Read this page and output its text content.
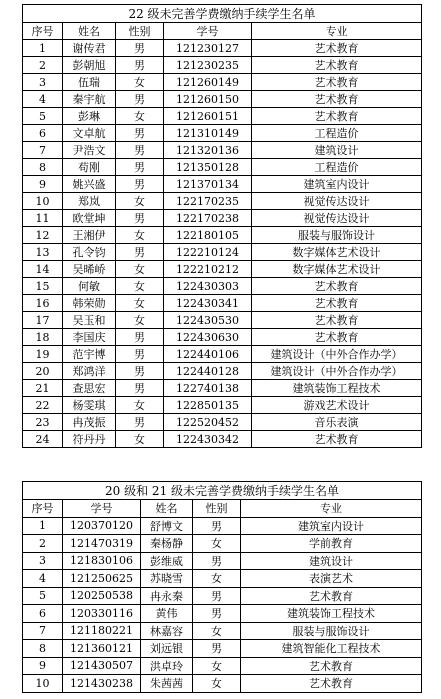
22 级未完善学费缴纳手续学生名单				
序号	姓名	性别	学号	专业
1	谢传君	男	121230127	艺术教育
2	彭朝旭	男	121230235	艺术教育
3	伍瑞	女	121260149	艺术教育
4	秦宇航	男	121260150	艺术教育
5	彭琳	女	121260151	艺术教育
6	文卓航	男	121310149	工程造价
7	尹浩文	男	121320136	建筑设计
8	苟刚	男	121350128	工程造价
9	姚兴盛	男	121370134	建筑室内设计
10	郑岚	女	122170235	视觉传达设计
11	欧堂坤	男	122170238	视觉传达设计
12	王湘伊	女	122180105	服装与服饰设计
13	孔令钧	男	122210124	数字媒体艺术设计
14	吴晞峤	女	122210212	数字媒体艺术设计
15	何敏	女	122430303	艺术教育
16	韩荣勋	女	122430341	艺术教育
17	吴玉和	女	122430530	艺术教育
18	李国庆	男	122430630	艺术教育
19	范宇博	男	122440106	建筑设计（中外合作办学）
20	郑鸿洋	男	122440128	建筑设计（中外合作办学）
21	查思宏	男	122740138	建筑装饰工程技术
22	杨雯琪	女	122850135	游戏艺术设计
23	冉茂振	男	122520452	音乐表演
24	符丹丹	女	122430342	艺术教育
20 级和 21 级未完善学费缴纳手续学生名单				
序号	学号	姓名	性别	专业
1	120370120	舒博文	男	建筑室内设计
2	121470319	秦杨静	女	学前教育
3	121830106	彭维威	男	建筑设计
4	121250625	苏晓雪	女	表演艺术
5	120250538	冉永秦	男	艺术教育
6	120330116	黄伟	男	建筑装饰工程技术
7	121180221	林嘉容	女	服装与服饰设计
8	121360121	刘远银	男	建筑智能化工程技术
9	121430507	洪卓玲	女	艺术教育
10	121430238	朱茜茜	女	艺术教育
